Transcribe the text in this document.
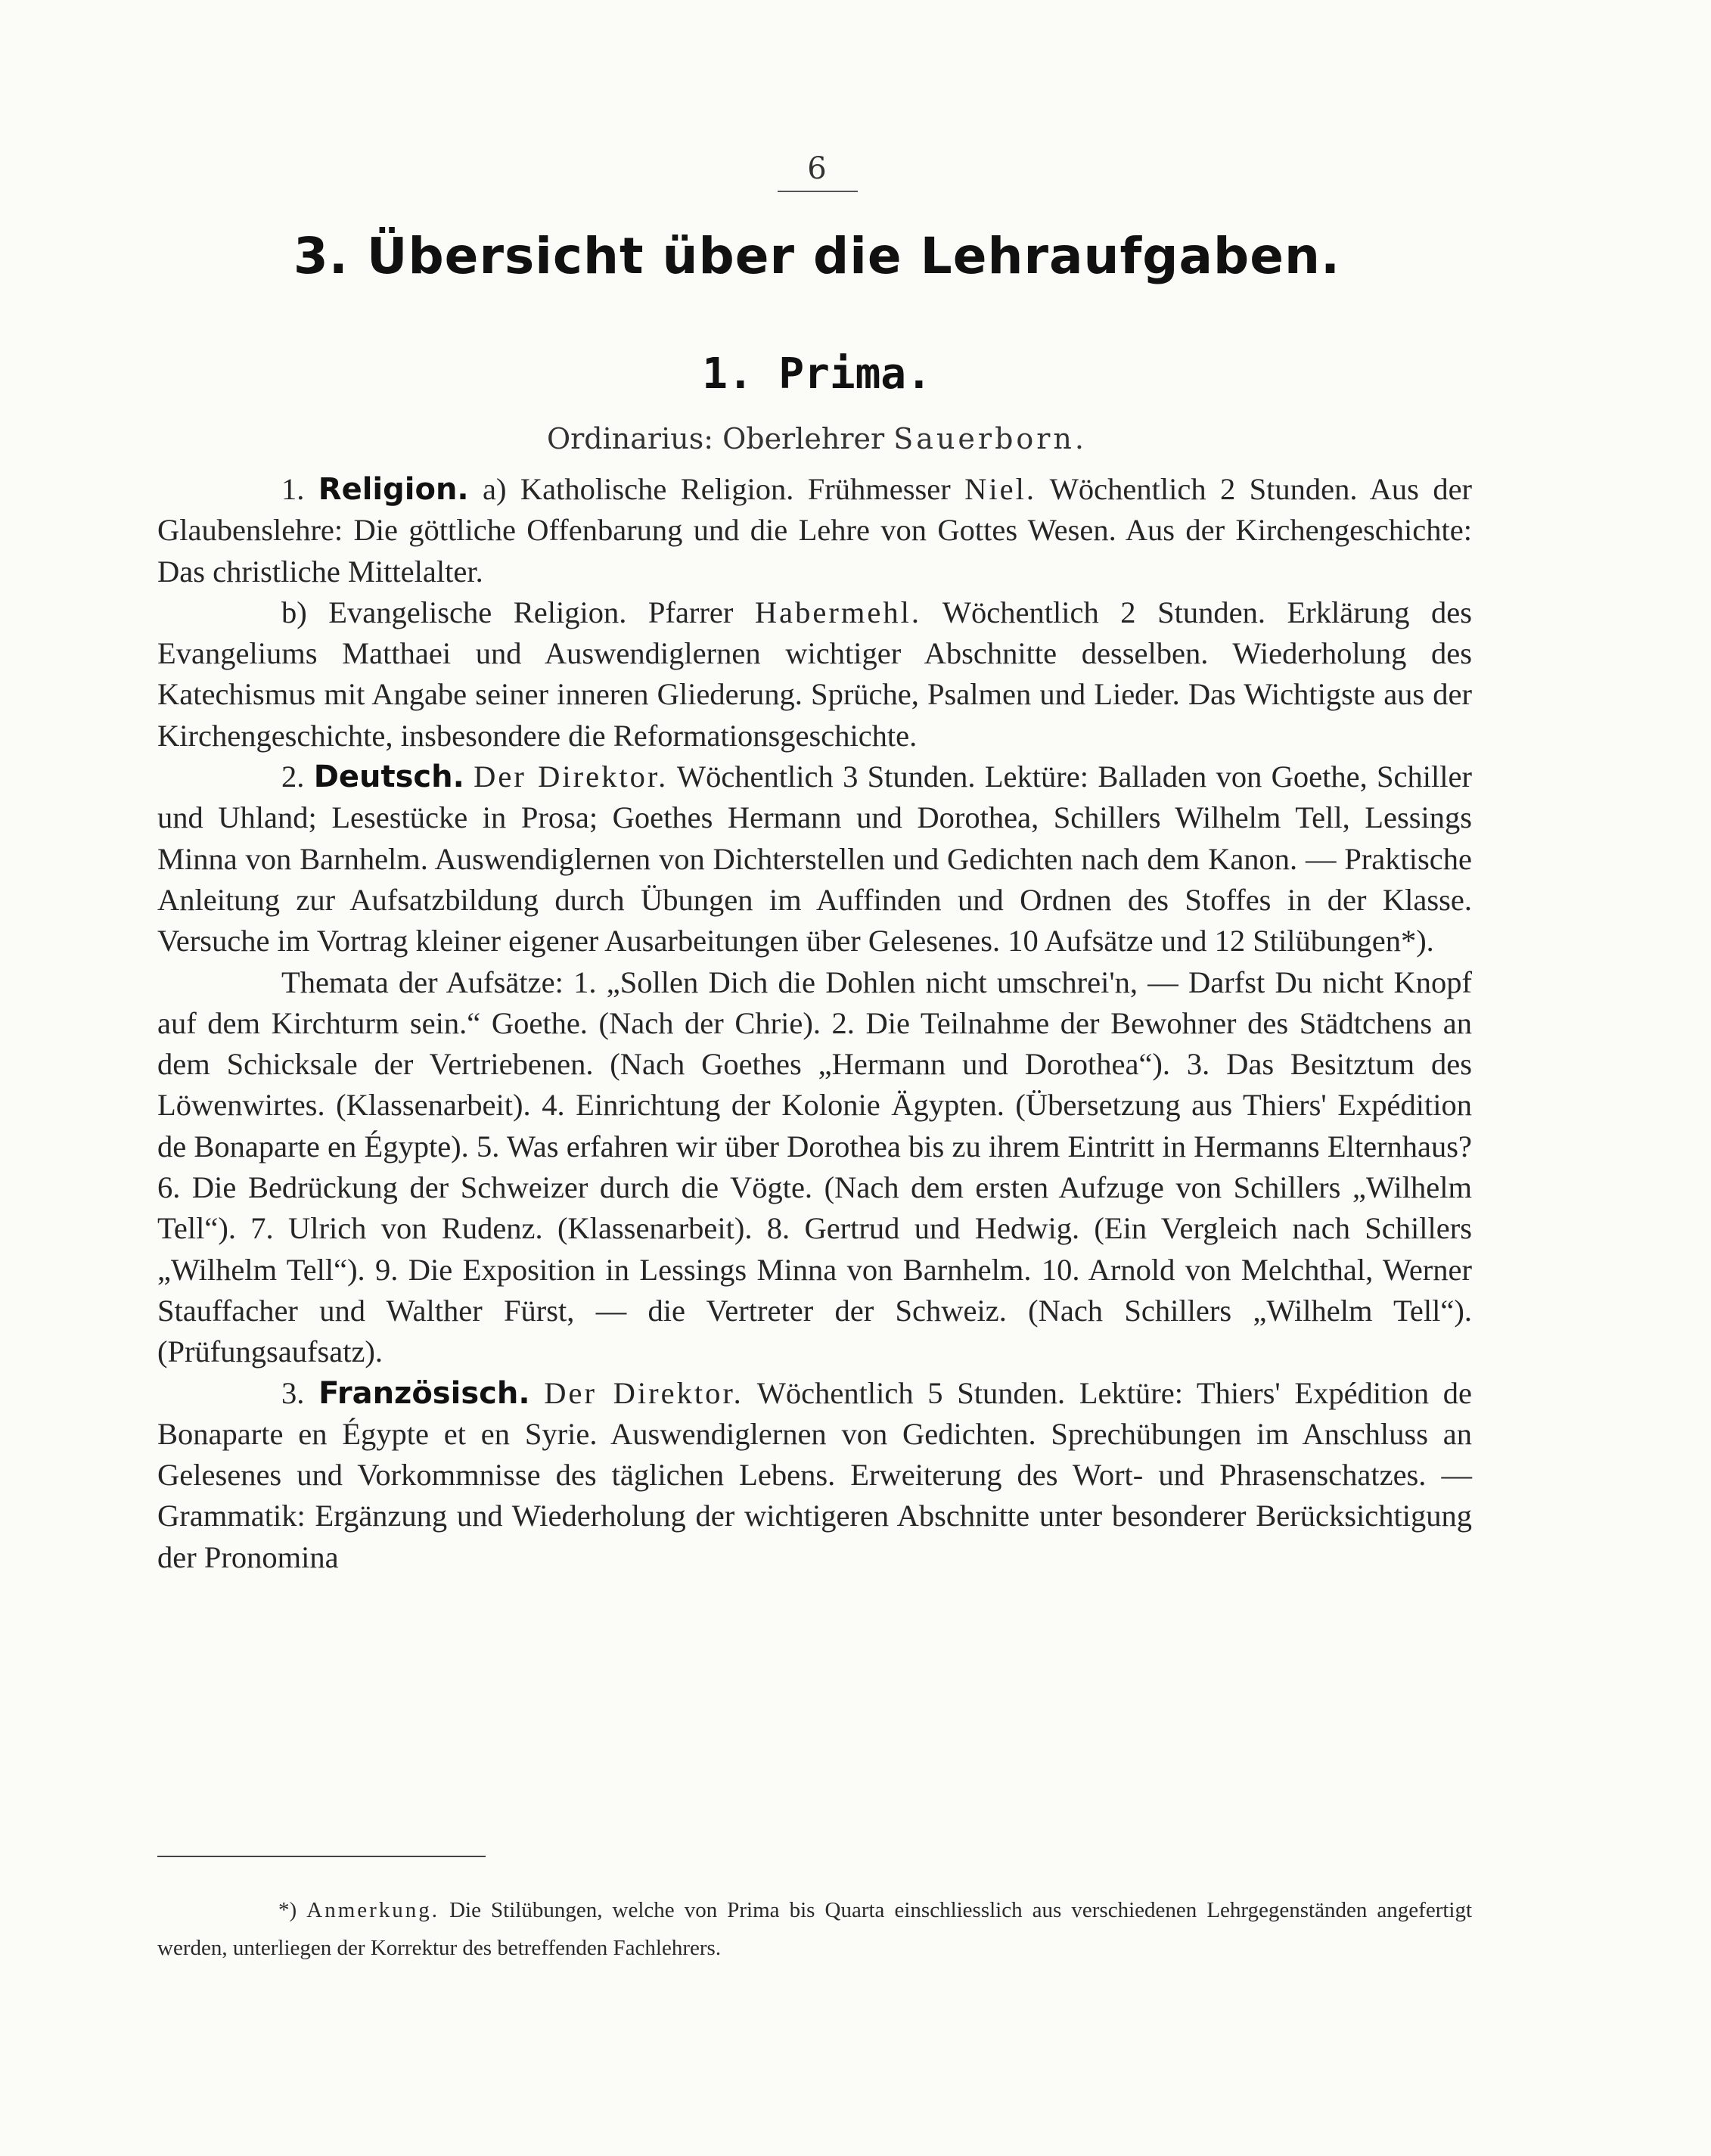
6
3. Übersicht über die Lehraufgaben.
1. Prima.
Ordinarius: Oberlehrer Sauerborn.

1. Religion. a) Katholische Religion. Frühmesser Niel. Wöchentlich 2 Stunden. Aus der Glaubenslehre: Die göttliche Offenbarung und die Lehre von Gottes Wesen. Aus der Kirchengeschichte: Das christliche Mittelalter.

b) Evangelische Religion. Pfarrer Habermehl. Wöchentlich 2 Stunden. Erklärung des Evangeliums Matthaei und Auswendiglernen wichtiger Abschnitte desselben. Wiederholung des Katechismus mit Angabe seiner inneren Gliederung. Sprüche, Psalmen und Lieder. Das Wichtigste aus der Kirchengeschichte, insbesondere die Reformationsgeschichte.

2. Deutsch. Der Direktor. Wöchentlich 3 Stunden. Lektüre: Balladen von Goethe, Schiller und Uhland; Lesestücke in Prosa; Goethes Hermann und Dorothea, Schillers Wilhelm Tell, Lessings Minna von Barnhelm. Auswendiglernen von Dichterstellen und Gedichten nach dem Kanon. — Praktische Anleitung zur Aufsatzbildung durch Übungen im Auffinden und Ordnen des Stoffes in der Klasse. Versuche im Vortrag kleiner eigener Ausarbeitungen über Gelesenes. 10 Aufsätze und 12 Stilübungen*).

Themata der Aufsätze: 1. „Sollen Dich die Dohlen nicht umschrei'n, — Darfst Du nicht Knopf auf dem Kirchturm sein.“ Goethe. (Nach der Chrie). 2. Die Teilnahme der Bewohner des Städtchens an dem Schicksale der Vertriebenen. (Nach Goethes „Hermann und Dorothea“). 3. Das Besitztum des Löwenwirtes. (Klassenarbeit). 4. Einrichtung der Kolonie Ägypten. (Übersetzung aus Thiers' Expédition de Bonaparte en Égypte). 5. Was erfahren wir über Dorothea bis zu ihrem Eintritt in Hermanns Elternhaus? 6. Die Bedrückung der Schweizer durch die Vögte. (Nach dem ersten Aufzuge von Schillers „Wilhelm Tell“). 7. Ulrich von Rudenz. (Klassenarbeit). 8. Gertrud und Hedwig. (Ein Vergleich nach Schillers „Wilhelm Tell“). 9. Die Exposition in Lessings Minna von Barnhelm. 10. Arnold von Melchthal, Werner Stauffacher und Walther Fürst, — die Vertreter der Schweiz. (Nach Schillers „Wilhelm Tell“). (Prüfungsaufsatz).

3. Französisch. Der Direktor. Wöchentlich 5 Stunden. Lektüre: Thiers' Expédition de Bonaparte en Égypte et en Syrie. Auswendiglernen von Gedichten. Sprechübungen im Anschluss an Gelesenes und Vorkommnisse des täglichen Lebens. Erweiterung des Wort- und Phrasenschatzes. — Grammatik: Ergänzung und Wiederholung der wichtigeren Abschnitte unter besonderer Berücksichtigung der Pronomina

*) Anmerkung. Die Stilübungen, welche von Prima bis Quarta einschliesslich aus verschiedenen Lehrgegenständen angefertigt werden, unterliegen der Korrektur des betreffenden Fachlehrers.
